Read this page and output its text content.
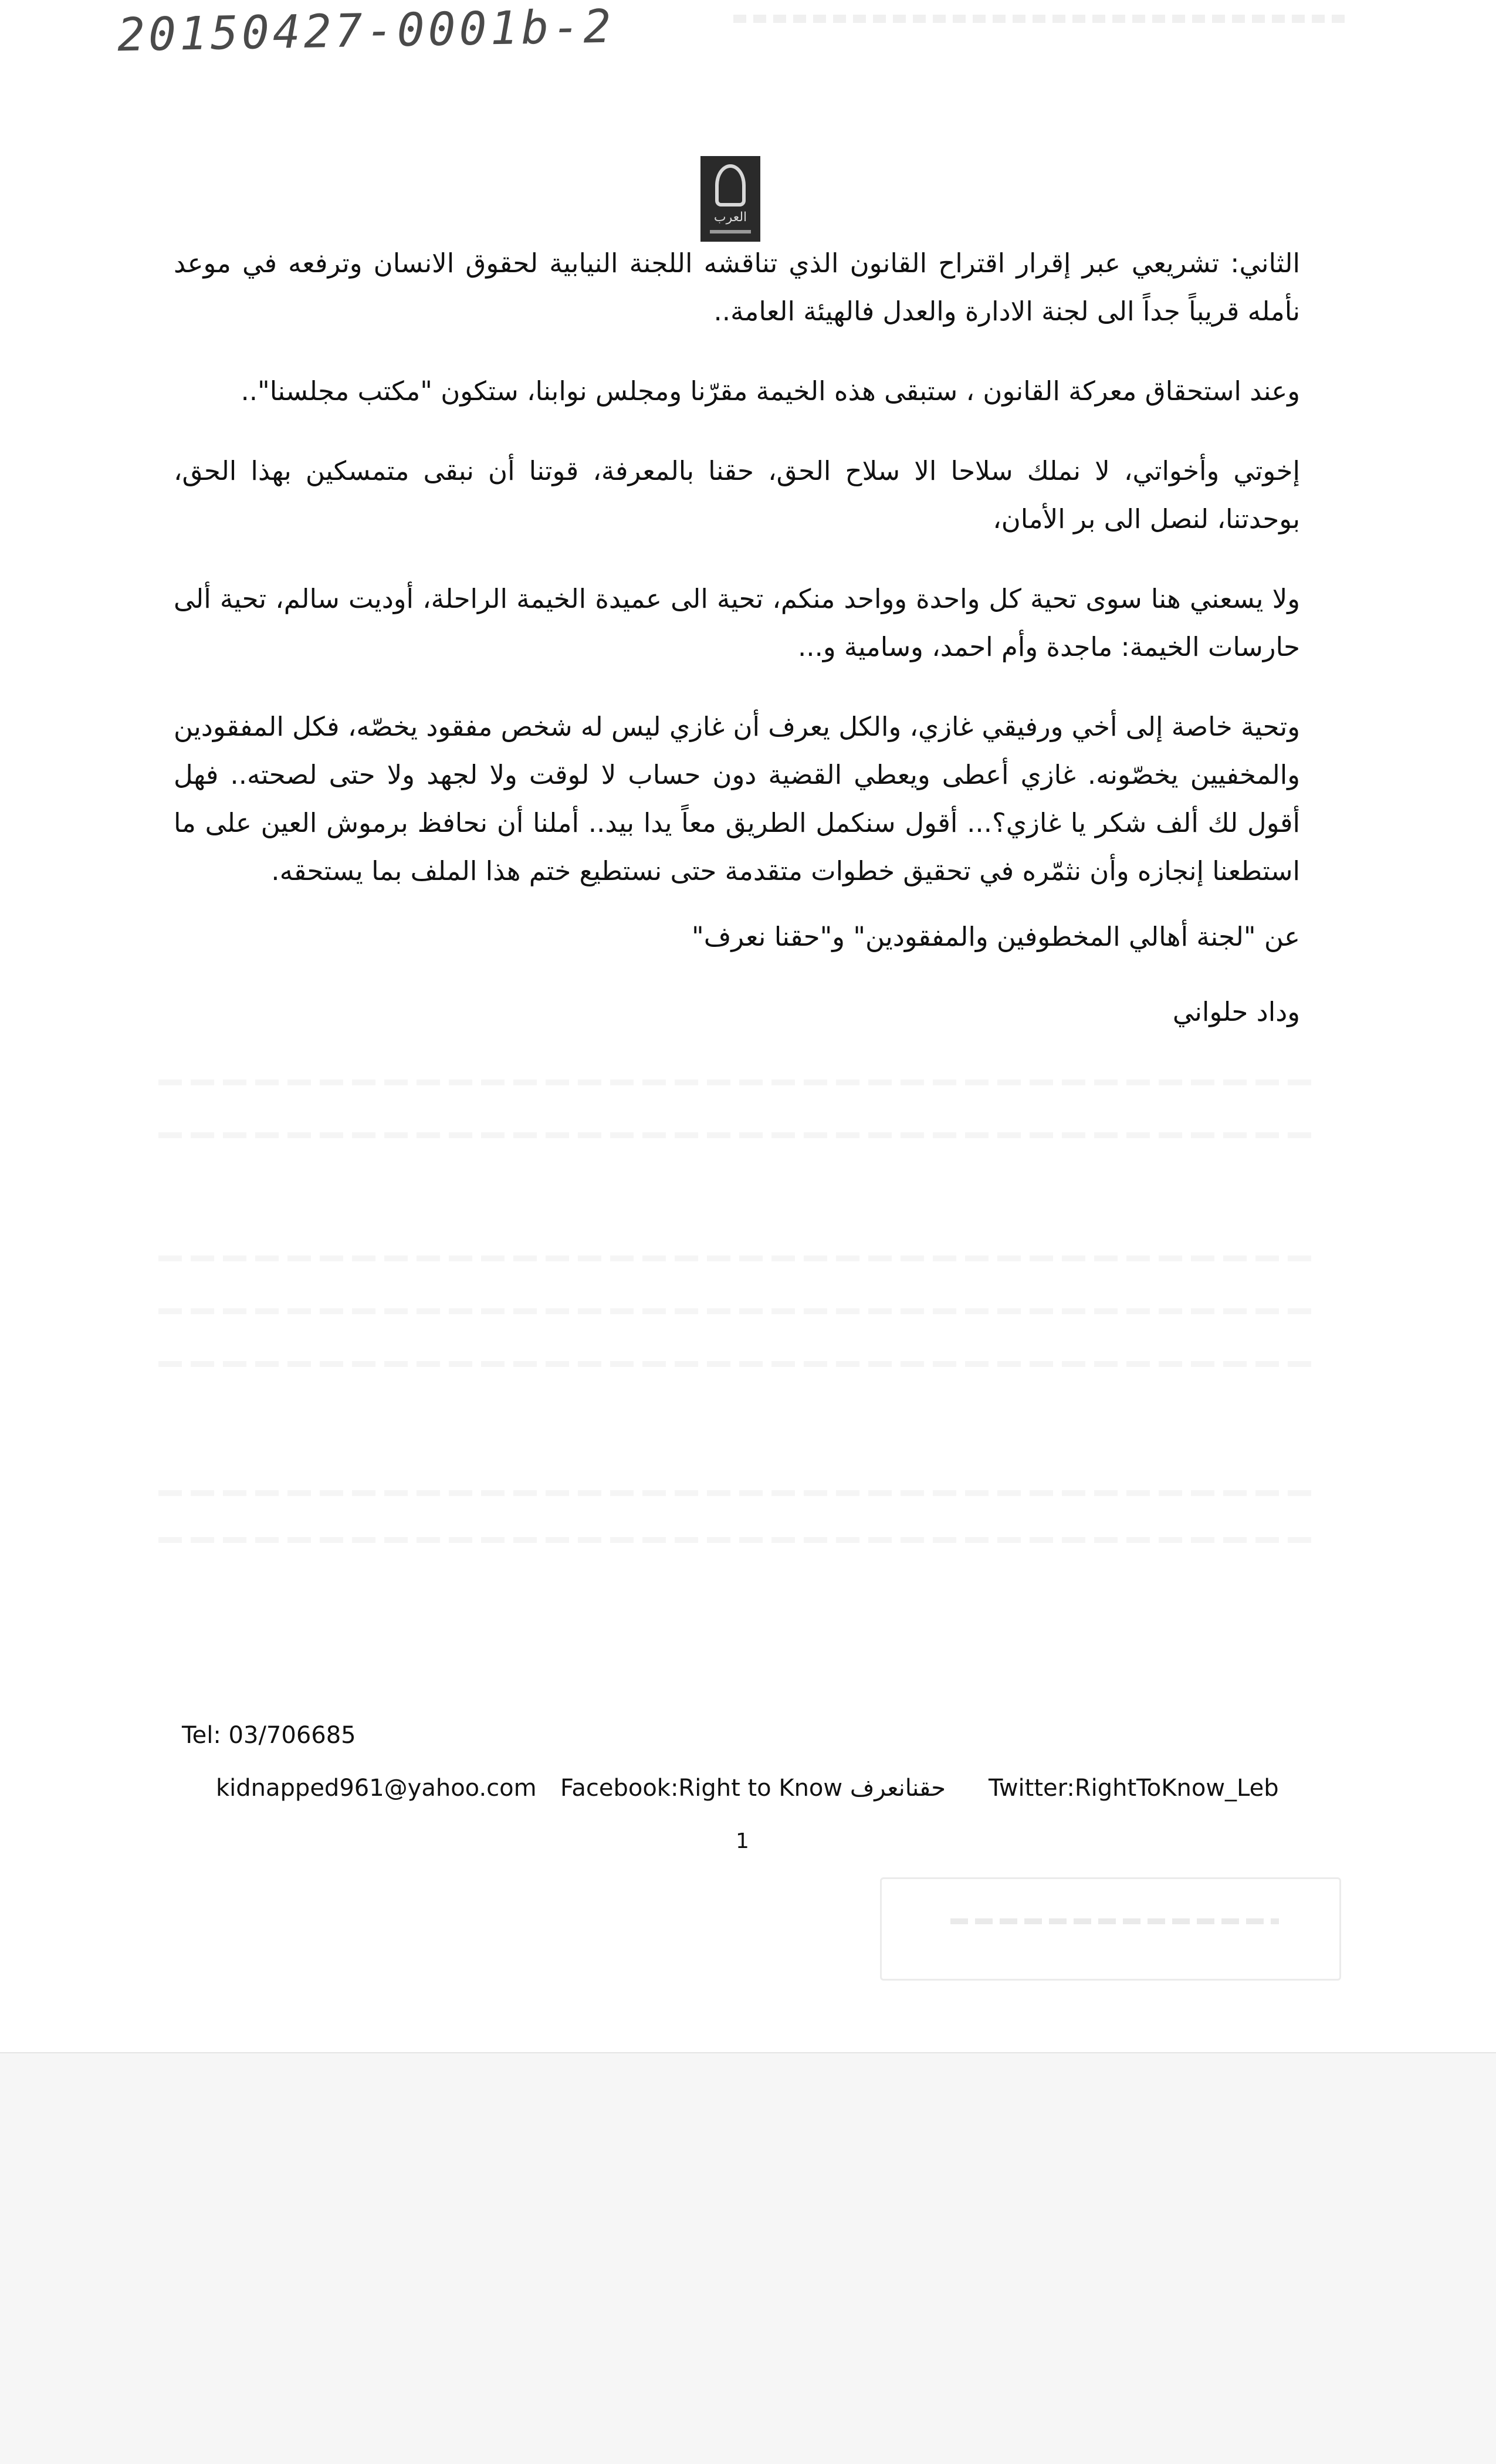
20150427-0001b-2
العرب

الثاني: تشريعي عبر إقرار اقتراح القانون الذي تناقشه اللجنة النيابية لحقوق الانسان وترفعه في موعد نأمله قريباً جداً الى لجنة الادارة والعدل فالهيئة العامة..

وعند استحقاق معركة القانون ، ستبقى هذه الخيمة مقرّنا ومجلس نوابنا، ستكون "مكتب مجلسنا"..

إخوتي وأخواتي، لا نملك سلاحا الا سلاح الحق، حقنا بالمعرفة، قوتنا أن نبقى متمسكين بهذا الحق، بوحدتنا، لنصل الى بر الأمان،

ولا يسعني هنا سوى تحية كل واحدة وواحد منكم، تحية الى عميدة الخيمة الراحلة، أوديت سالم، تحية ألى حارسات الخيمة: ماجدة وأم احمد، وسامية و...

وتحية خاصة إلى أخي ورفيقي غازي، والكل يعرف أن غازي ليس له شخص مفقود يخصّه، فكل المفقودين والمخفيين يخصّونه. غازي أعطى ويعطي القضية دون حساب لا لوقت ولا لجهد ولا حتى لصحته.. فهل أقول لك ألف شكر يا غازي؟... أقول سنكمل الطريق معاً يدا بيد.. أملنا أن نحافظ برموش العين على ما استطعنا إنجازه وأن نثمّره في تحقيق خطوات متقدمة حتى نستطيع ختم هذا الملف بما يستحقه.

عن "لجنة أهالي المخطوفين والمفقودين" و"حقنا نعرف"
وداد حلواني
Tel: 03/706685
kidnapped961@yahoo.com Facebook:Right to Know حقنانعرف Twitter:RightToKnow_Leb
1
